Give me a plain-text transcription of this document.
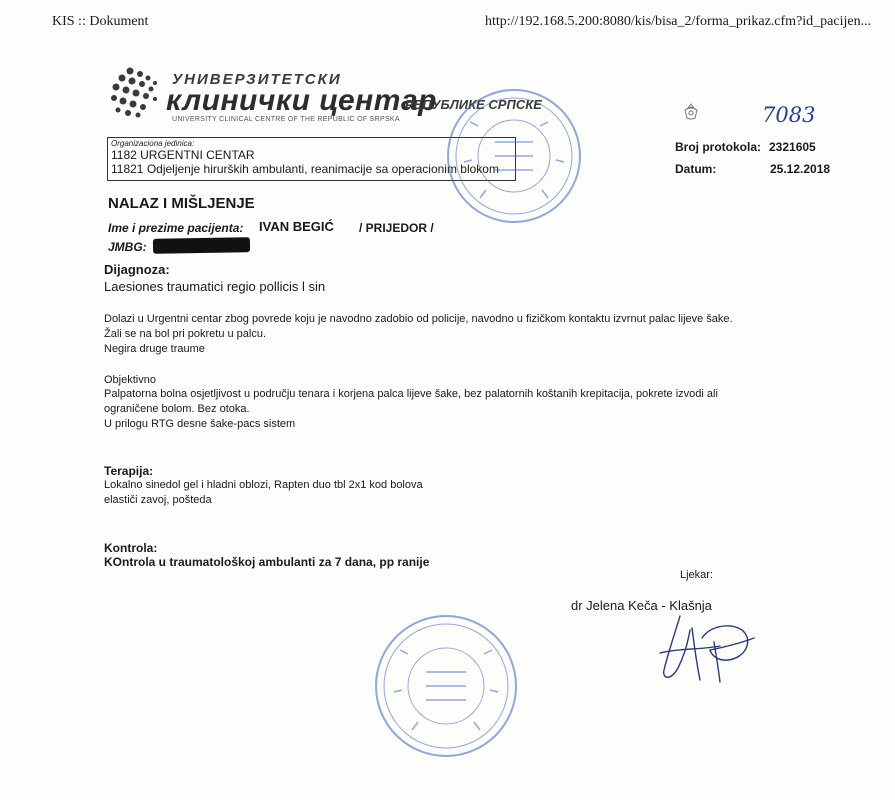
KIS :: Dokument	http://192.168.5.200:8080/kis/bisa_2/forma_prikaz.cfm?id_pacijen...
УНИВЕРЗИТЕТСКИ
клинички центар
РЕПУБЛИКЕ СРПСКЕ
UNIVERSITY CLINICAL CENTRE OF THE REPUBLIC OF SRPSKA
Organizaciona jedinica:
1182 URGENTNI CENTAR
11821 Odjeljenje hirurških ambulanti, reanimacije sa operacionim blokom
7083
Broj protokola: 2321605
Datum:	25.12.2018
NALAZ I MIŠLJENJE
Ime i prezime pacijenta: IVAN BEGIĆ / PRIJEDOR /
JMBG:
Dijagnoza:
Laesiones traumatici regio pollicis l sin
Dolazi u Urgentni centar zbog povrede koju je navodno zadobio od policije, navodno u fizičkom kontaktu izvrnut palac lijeve šake.
Žali se na bol pri pokretu u palcu.
Negira druge traume
Objektivno
Palpatorna bolna osjetljivost u području tenara i korjena palca lijeve šake, bez palatornih koštanih krepitacija, pokrete izvodi ali
ograničene bolom. Bez otoka.
U prilogu RTG desne šake-pacs sistem
Terapija:
Lokalno sinedol gel i hladni oblozi, Rapten duo tbl 2x1 kod bolova
elastiči zavoj, pošteda
Kontrola:
KOntrola u traumatološkoj ambulanti za 7 dana, pp ranije
Ljekar:
dr Jelena Keča - Klašnja
